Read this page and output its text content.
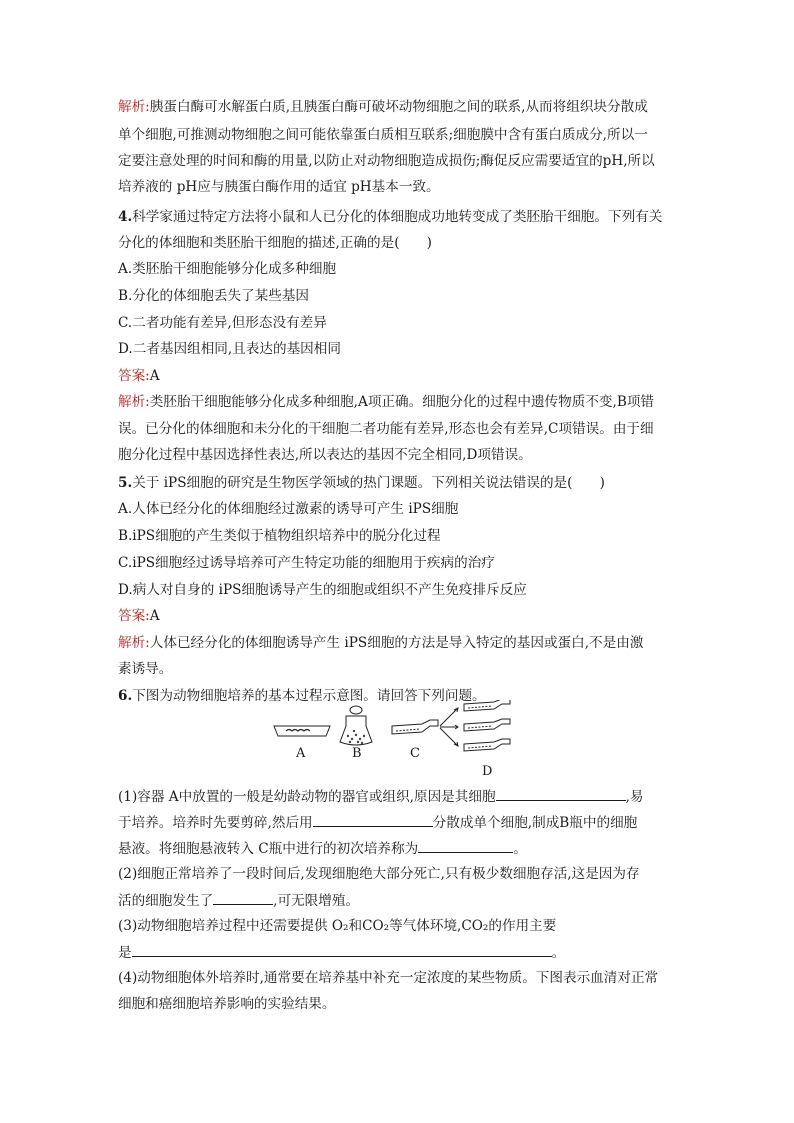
解析:胰蛋白酶可水解蛋白质,且胰蛋白酶可破坏动物细胞之间的联系,从而将组织块分散成
单个细胞,可推测动物细胞之间可能依靠蛋白质相互联系;细胞膜中含有蛋白质成分,所以一
定要注意处理的时间和酶的用量,以防止对动物细胞造成损伤;酶促反应需要适宜的pH,所以
培养液的 pH应与胰蛋白酶作用的适宜 pH基本一致。
4.科学家通过特定方法将小鼠和人已分化的体细胞成功地转变成了类胚胎干细胞。下列有关
分化的体细胞和类胚胎干细胞的描述,正确的是(　　)
A.类胚胎干细胞能够分化成多种细胞
B.分化的体细胞丢失了某些基因
C.二者功能有差异,但形态没有差异
D.二者基因组相同,且表达的基因相同
答案:A
解析:类胚胎干细胞能够分化成多种细胞,A项正确。细胞分化的过程中遗传物质不变,B项错
误。已分化的体细胞和未分化的干细胞二者功能有差异,形态也会有差异,C项错误。由于细
胞分化过程中基因选择性表达,所以表达的基因不完全相同,D项错误。
5.关于 iPS细胞的研究是生物医学领域的热门课题。下列相关说法错误的是(　　)
A.人体已经分化的体细胞经过激素的诱导可产生 iPS细胞
B.iPS细胞的产生类似于植物组织培养中的脱分化过程
C.iPS细胞经过诱导培养可产生特定功能的细胞用于疾病的治疗
D.病人对自身的 iPS细胞诱导产生的细胞或组织不产生免疫排斥反应
答案:A
解析:人体已经分化的体细胞诱导产生 iPS细胞的方法是导入特定的基因或蛋白,不是由激
素诱导。
6.下图为动物细胞培养的基本过程示意图。请回答下列问题。
(1)容器 A中放置的一般是幼龄动物的器官或组织,原因是其细胞	,易
于培养。培养时先要剪碎,然后用	分散成单个细胞,制成B瓶中的细胞
悬液。将细胞悬液转入 C瓶中进行的初次培养称为	。
(2)细胞正常培养了一段时间后,发现细胞绝大部分死亡,只有极少数细胞存活,这是因为存
活的细胞发生了	,可无限增殖。
(3)动物细胞培养过程中还需要提供 O₂和CO₂等气体环境,CO₂的作用主要
是	。
(4)动物细胞体外培养时,通常要在培养基中补充一定浓度的某些物质。下图表示血清对正常
细胞和癌细胞培养影响的实验结果。
A	B	C
D
